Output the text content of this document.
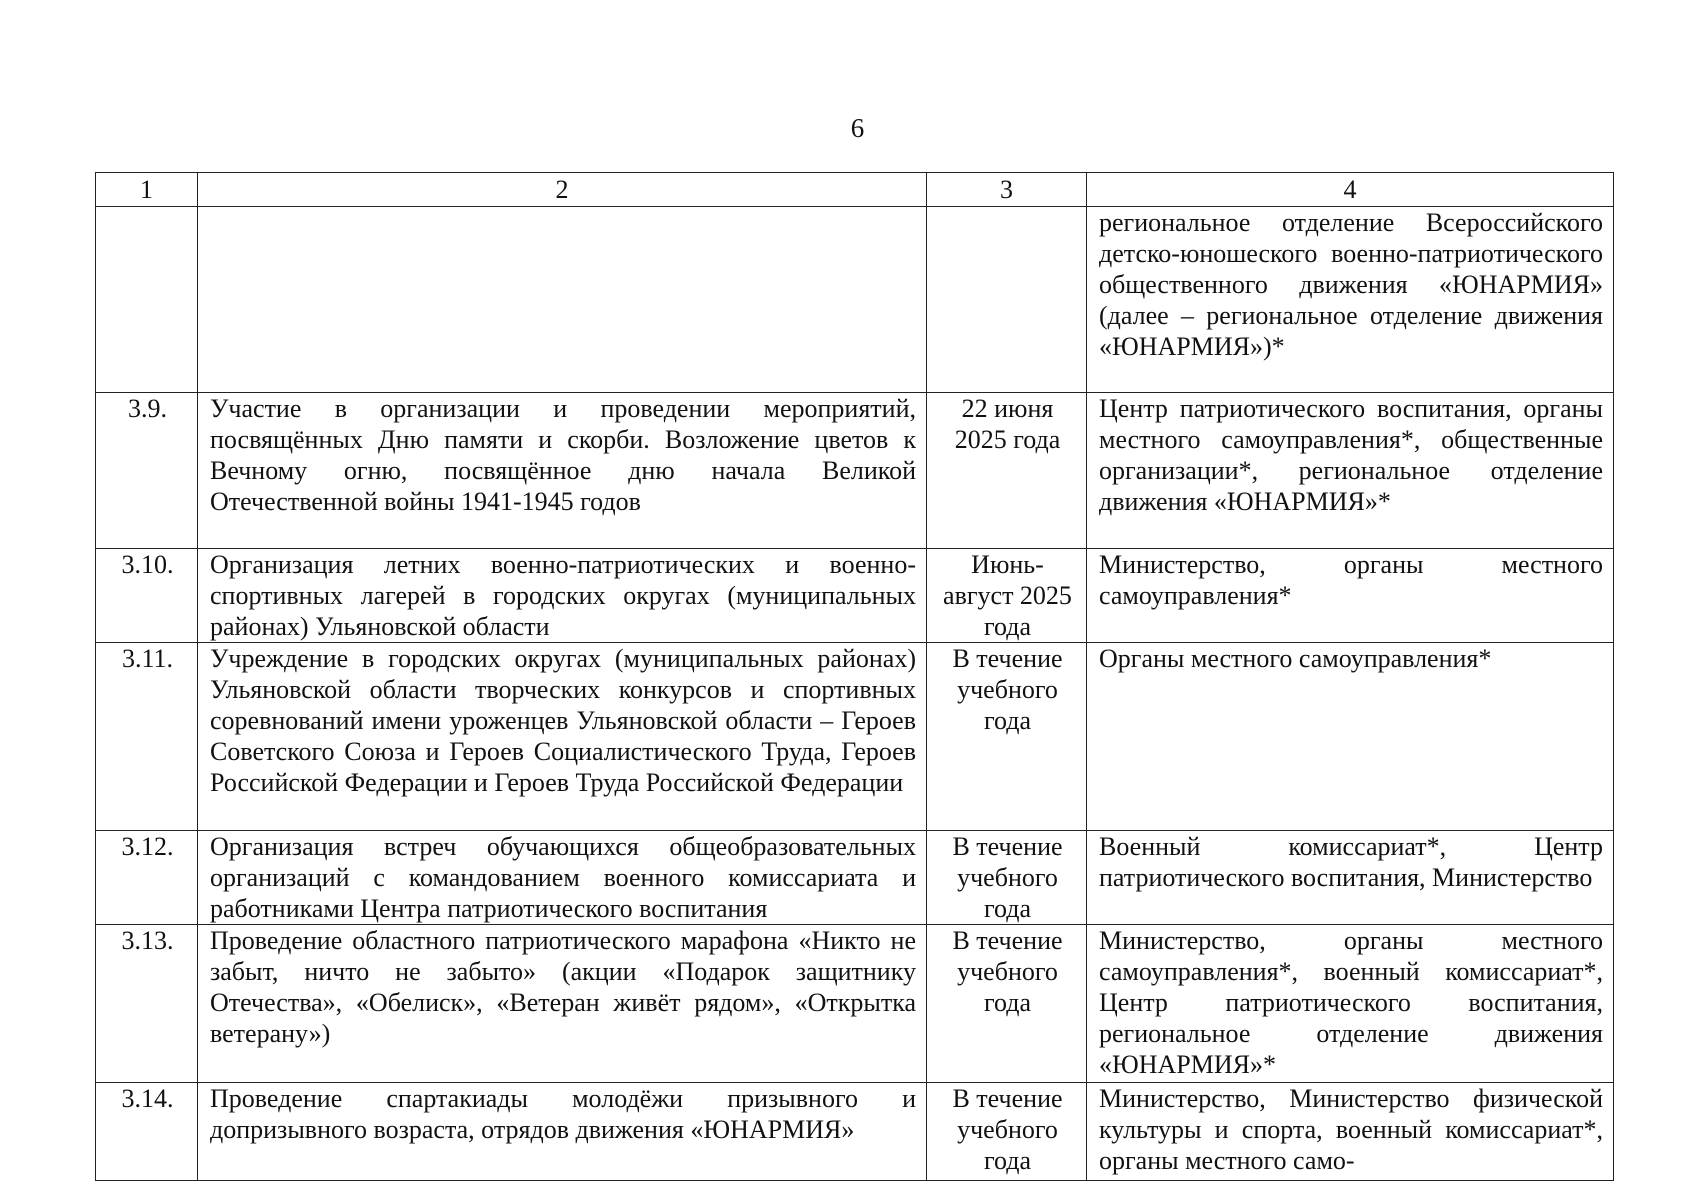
6
1	2	3	4
			региональное отделение Всероссийского детско-юношеского военно-патриотического общественного движения «ЮНАРМИЯ» (далее – региональное отделение движения «ЮНАРМИЯ»)*
3.9.	Участие в организации и проведении мероприятий, посвящённых Дню памяти и скорби. Возложение цветов к Вечному огню, посвящённое дню начала Великой Отечественной войны 1941-1945 годов	22 июня 2025 года	Центр патриотического воспитания, органы местного самоуправления*, общественные организации*, региональное отделение движения «ЮНАРМИЯ»*
3.10.	Организация летних военно-патриотических и военно-спортивных лагерей в городских округах (муниципальных районах) Ульяновской области	Июнь-август 2025 года	Министерство, органы местного самоуправления*
3.11.	Учреждение в городских округах (муниципальных районах) Ульяновской области творческих конкурсов и спортивных соревнований имени уроженцев Ульяновской области – Героев Советского Союза и Героев Социалистического Труда, Героев Российской Федерации и Героев Труда Российской Федерации	В течение учебного года	Органы местного самоуправления*
3.12.	Организация встреч обучающихся общеобразовательных организаций с командованием военного комиссариата и работниками Центра патриотического воспитания	В течение учебного года	Военный комиссариат*, Центр патриотического воспитания, Министерство
3.13.	Проведение областного патриотического марафона «Никто не забыт, ничто не забыто» (акции «Подарок защитнику Отечества», «Обелиск», «Ветеран живёт рядом», «Открытка ветерану»)	В течение учебного года	Министерство, органы местного самоуправления*, военный комиссариат*, Центр патриотического воспитания, региональное отделение движения «ЮНАРМИЯ»*
3.14.	Проведение спартакиады молодёжи призывного и допризывного возраста, отрядов движения «ЮНАРМИЯ»	В течение учебного года	Министерство, Министерство физической культуры и спорта, военный комиссариат*, органы местного само-
